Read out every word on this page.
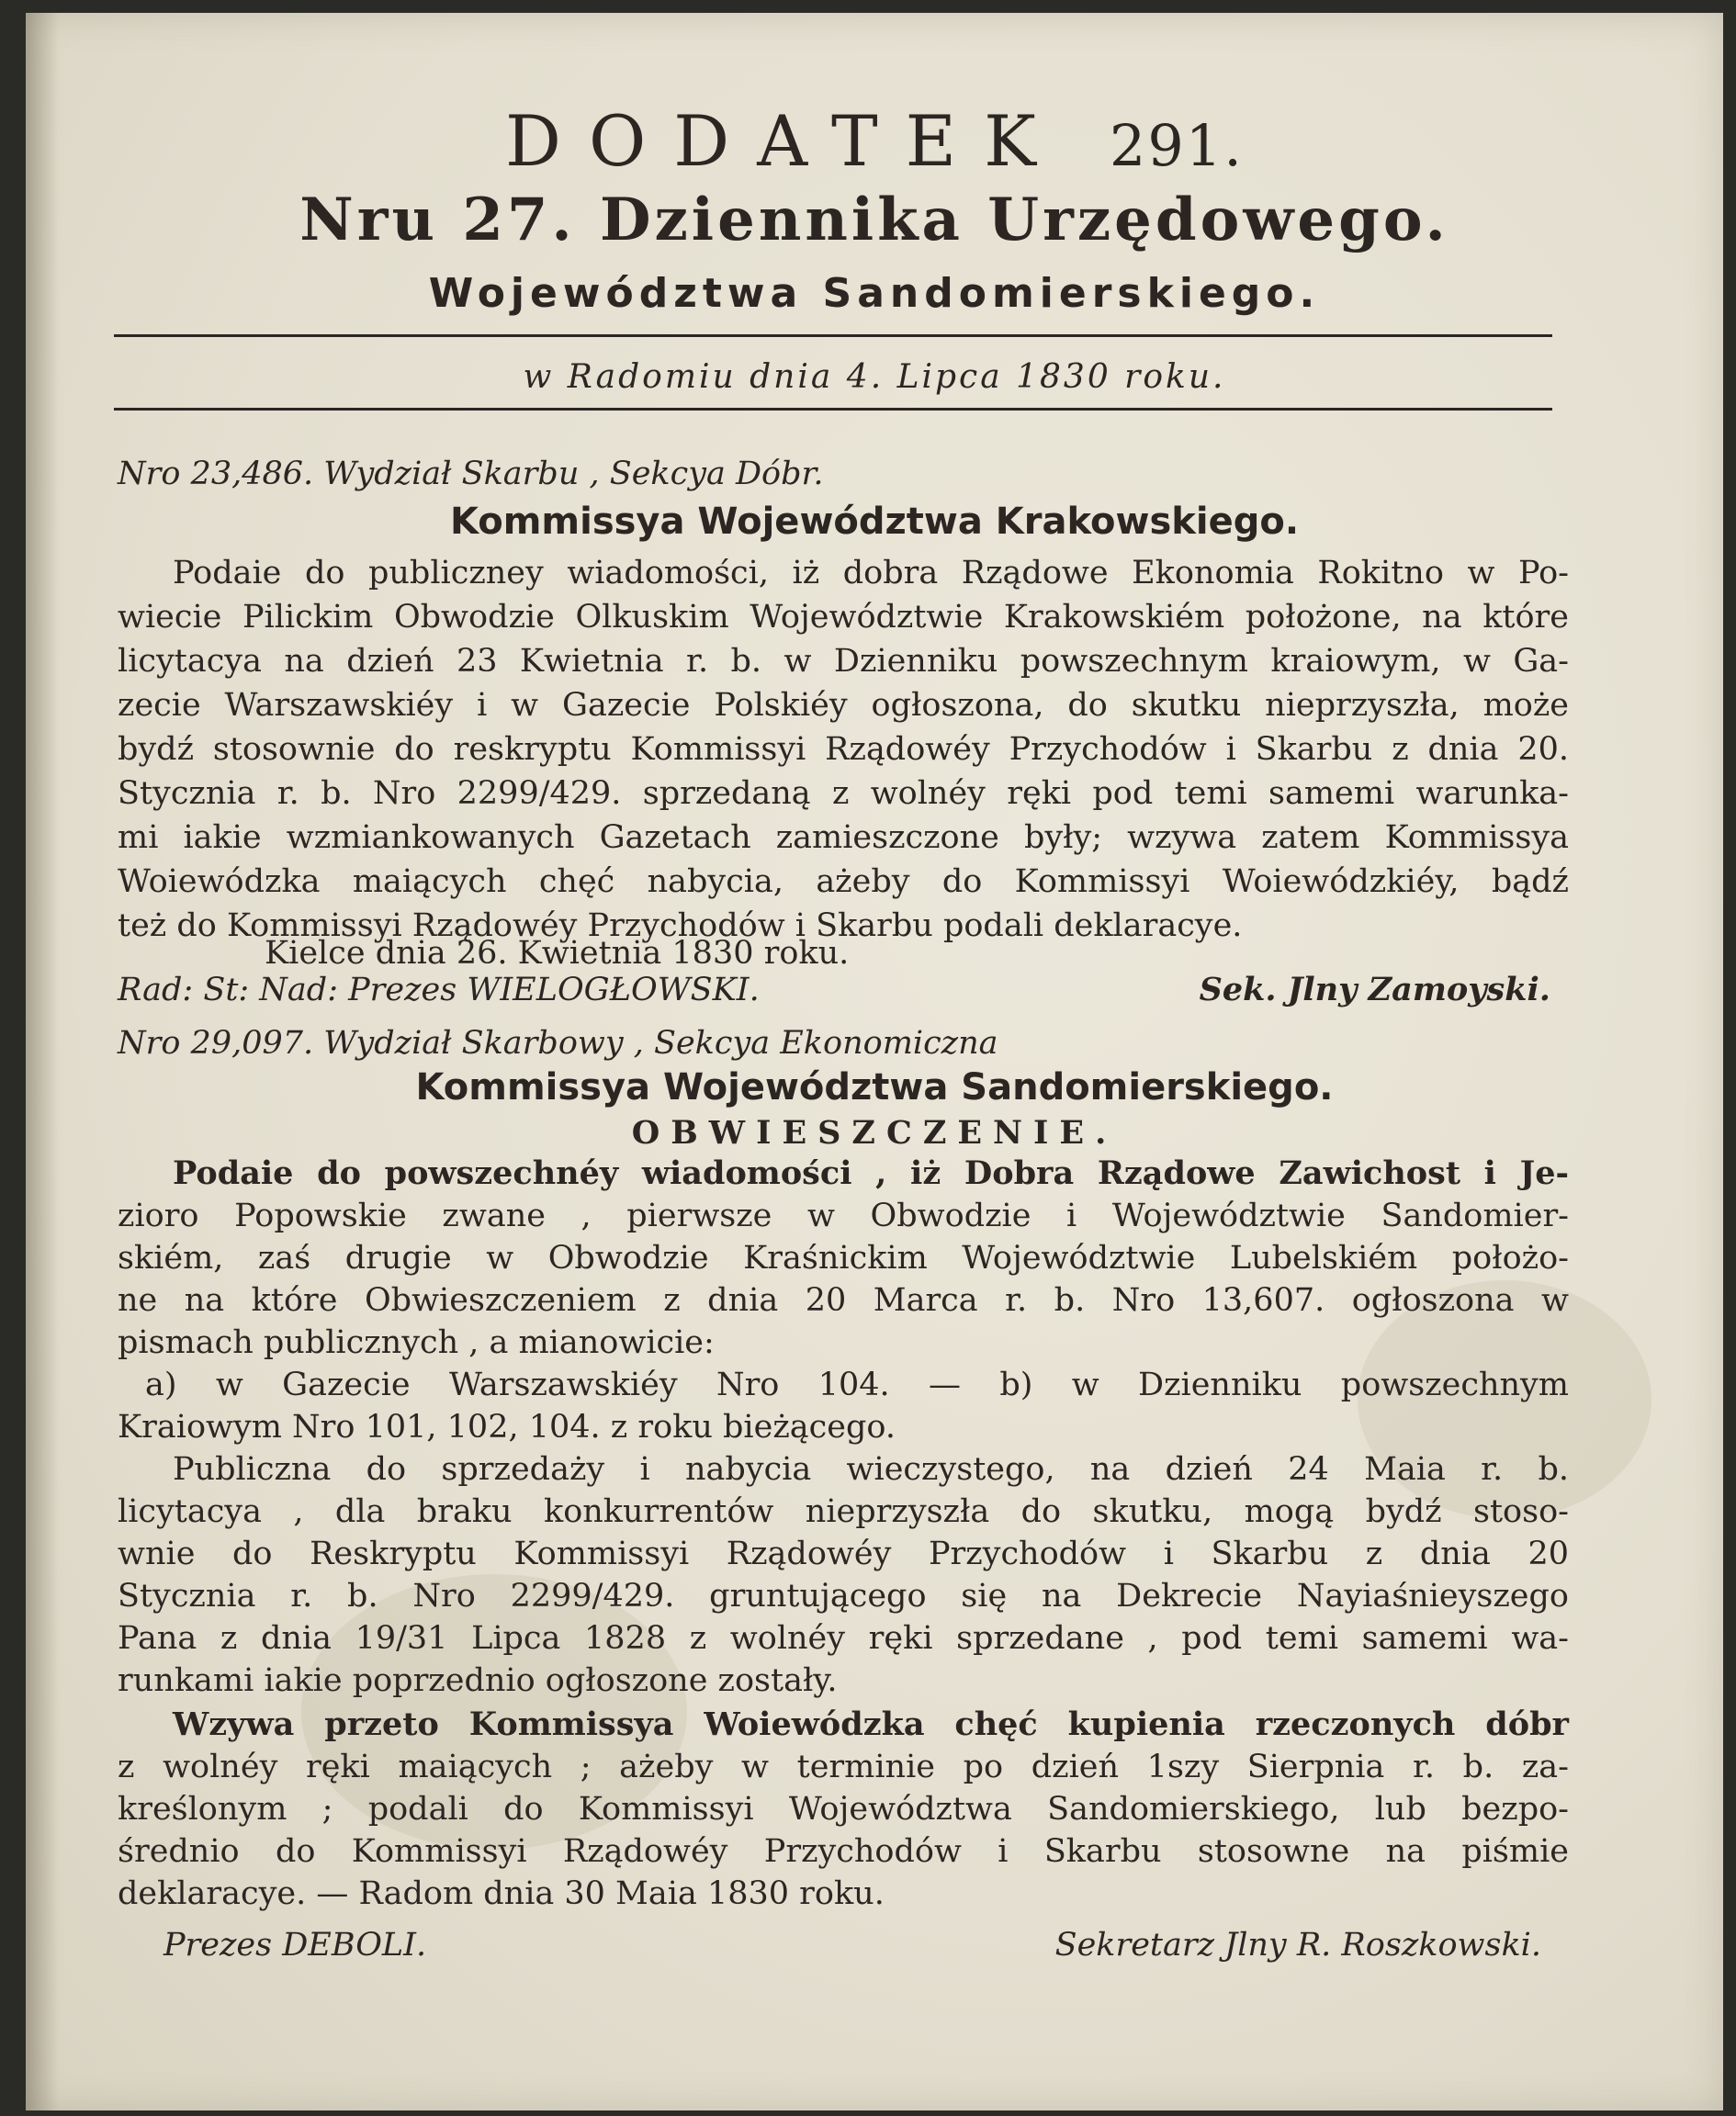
DODATEK 291.
Nru 27. Dziennika Urzędowego.
Województwa Sandomierskiego.
w Radomiu dnia 4. Lipca 1830 roku.
Nro 23,486. Wydział Skarbu , Sekcya Dóbr.
Kommissya Województwa Krakowskiego.
Podaie do publiczney wiadomości, iż dobra Rządowe Ekonomia Rokitno w Po-
wiecie Pilickim Obwodzie Olkuskim Województwie Krakowskiém położone, na które
licytacya na dzień 23 Kwietnia r. b. w Dzienniku powszechnym kraiowym, w Ga-
zecie Warszawskiéy i w Gazecie Polskiéy ogłoszona, do skutku nieprzyszła, może
bydź stosownie do reskryptu Kommissyi Rządowéy Przychodów i Skarbu z dnia 20.
Stycznia r. b. Nro 2299/429. sprzedaną z wolnéy ręki pod temi samemi warunka-
mi iakie wzmiankowanych Gazetach zamieszczone były; wzywa zatem Kommissya
Woiewódzka maiących chęć nabycia, ażeby do Kommissyi Woiewódzkiéy, bądź
też do Kommissyi Rządowéy Przychodów i Skarbu podali deklaracye.
Kielce dnia 26. Kwietnia 1830 roku.
Rad: St: Nad: Prezes WIELOGŁOWSKI.	Sek. Jlny Zamoyski.
Nro 29,097. Wydział Skarbowy , Sekcya Ekonomiczna
Kommissya Województwa Sandomierskiego.
OBWIESZCZENIE.
Podaie do powszechnéy wiadomości , iż Dobra Rządowe Zawichost i Je-
zioro Popowskie zwane , pierwsze w Obwodzie i Województwie Sandomier-
skiém, zaś drugie w Obwodzie Kraśnickim Województwie Lubelskiém położo-
ne na które Obwieszczeniem z dnia 20 Marca r. b. Nro 13,607. ogłoszona w
pismach publicznych , a mianowicie:
a) w Gazecie Warszawskiéy Nro 104. — b) w Dzienniku powszechnym
Kraiowym Nro 101, 102, 104. z roku bieżącego.
Publiczna do sprzedaży i nabycia wieczystego, na dzień 24 Maia r. b.
licytacya , dla braku konkurrentów nieprzyszła do skutku, mogą bydź stoso-
wnie do Reskryptu Kommissyi Rządowéy Przychodów i Skarbu z dnia 20
Stycznia r. b. Nro 2299/429. gruntującego się na Dekrecie Nayiaśnieyszego
Pana z dnia 19/31 Lipca 1828 z wolnéy ręki sprzedane , pod temi samemi wa-
runkami iakie poprzednio ogłoszone zostały.
Wzywa przeto Kommissya Woiewódzka chęć kupienia rzeczonych dóbr
z wolnéy ręki maiących ; ażeby w terminie po dzień 1szy Sierpnia r. b. za-
kreślonym ; podali do Kommissyi Województwa Sandomierskiego, lub bezpo-
średnio do Kommissyi Rządowéy Przychodów i Skarbu stosowne na piśmie
deklaracye. — Radom dnia 30 Maia 1830 roku.
Prezes DEBOLI.	Sekretarz Jlny R. Roszkowski.
